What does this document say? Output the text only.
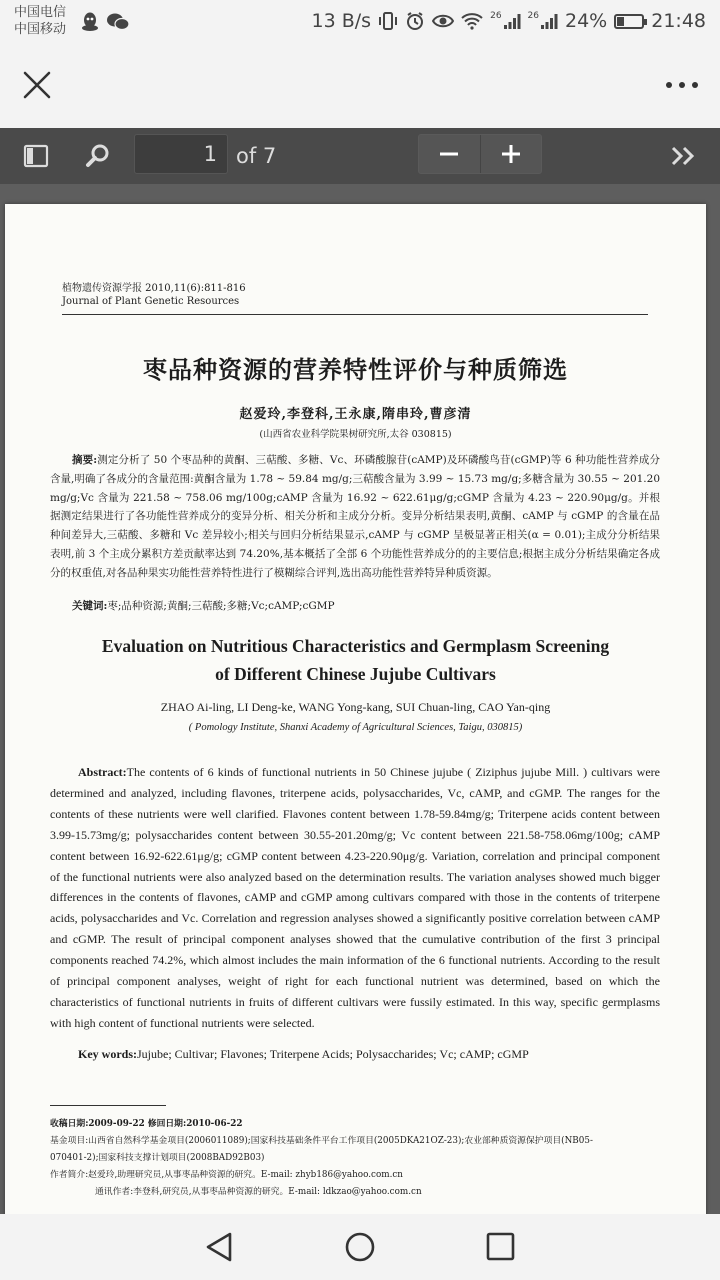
中国电信
中国移动	13 B/s	26	26 24% 21:48
1 of 7
植物遗传资源学报 2010,11(6):811-816
Journal of Plant Genetic Resources
枣品种资源的营养特性评价与种质筛选
赵爱玲,李登科,王永康,隋串玲,曹彦清
(山西省农业科学院果树研究所,太谷 030815)
摘要:测定分析了 50 个枣品种的黄酮、三萜酸、多糖、Vc、环磷酸腺苷(cAMP)及环磷酸鸟苷(cGMP)等 6 种功能性营养成分含量,明确了各成分的含量范围:黄酮含量为 1.78 ~ 59.84 mg/g;三萜酸含量为 3.99 ~ 15.73 mg/g;多糖含量为 30.55 ~ 201.20 mg/g;Vc 含量为 221.58 ~ 758.06 mg/100g;cAMP 含量为 16.92 ~ 622.61μg/g;cGMP 含量为 4.23 ~ 220.90μg/g。并根据测定结果进行了各功能性营养成分的变异分析、相关分析和主成分分析。变异分析结果表明,黄酮、cAMP 与 cGMP 的含量在品种间差异大,三萜酸、多糖和 Vc 差异较小;相关与回归分析结果显示,cAMP 与 cGMP 呈极显著正相关(α = 0.01);主成分分析结果表明,前 3 个主成分累积方差贡献率达到 74.20%,基本概括了全部 6 个功能性营养成分的的主要信息;根据主成分分析结果确定各成分的权重值,对各品种果实功能性营养特性进行了模糊综合评判,选出高功能性营养特异种质资源。
关键词:枣;品种资源;黄酮;三萜酸;多糖;Vc;cAMP;cGMP
Evaluation on Nutritious Characteristics and Germplasm Screening
of Different Chinese Jujube Cultivars
ZHAO Ai-ling, LI Deng-ke, WANG Yong-kang, SUI Chuan-ling, CAO Yan-qing
( Pomology Institute, Shanxi Academy of Agricultural Sciences, Taigu, 030815)
Abstract:The contents of 6 kinds of functional nutrients in 50 Chinese jujube ( Ziziphus jujube Mill. ) cultivars were determined and analyzed, including flavones, triterpene acids, polysaccharides, Vc, cAMP, and cGMP. The ranges for the contents of these nutrients were well clarified. Flavones content between 1.78-59.84mg/g; Triterpene acids content between 3.99-15.73mg/g; polysaccharides content between 30.55-201.20mg/g; Vc content between 221.58-758.06mg/100g; cAMP content between 16.92-622.61μg/g; cGMP content between 4.23-220.90μg/g. Variation, correlation and principal component of the functional nutrients were also analyzed based on the determination results. The variation analyses showed much bigger differences in the contents of flavones, cAMP and cGMP among cultivars compared with those in the contents of triterpene acids, polysaccharides and Vc. Correlation and regression analyses showed a significantly positive correlation between cAMP and cGMP. The result of principal component analyses showed that the cumulative contribution of the first 3 principal components reached 74.2%, which almost includes the main information of the 6 functional nutrients. According to the result of principal component analyses, weight of right for each functional nutrient was determined, based on which the characteristics of functional nutrients in fruits of different cultivars were fussily estimated. In this way, specific germplasms with high content of functional nutrients were selected.
Key words:Jujube; Cultivar; Flavones; Triterpene Acids; Polysaccharides; Vc; cAMP; cGMP
收稿日期:2009-09-22 修回日期:2010-06-22
基金项目:山西省自然科学基金项目(2006011089);国家科技基础条件平台工作项目(2005DKA21OZ-23);农业部种质资源保护项目(NB05-
070401-2);国家科技支撑计划项目(2008BAD92B03)
作者简介:赵爱玲,助理研究员,从事枣品种资源的研究。E-mail: zhyb186@yahoo.com.cn
通讯作者:李登科,研究员,从事枣品种资源的研究。E-mail: ldkzao@yahoo.com.cn
